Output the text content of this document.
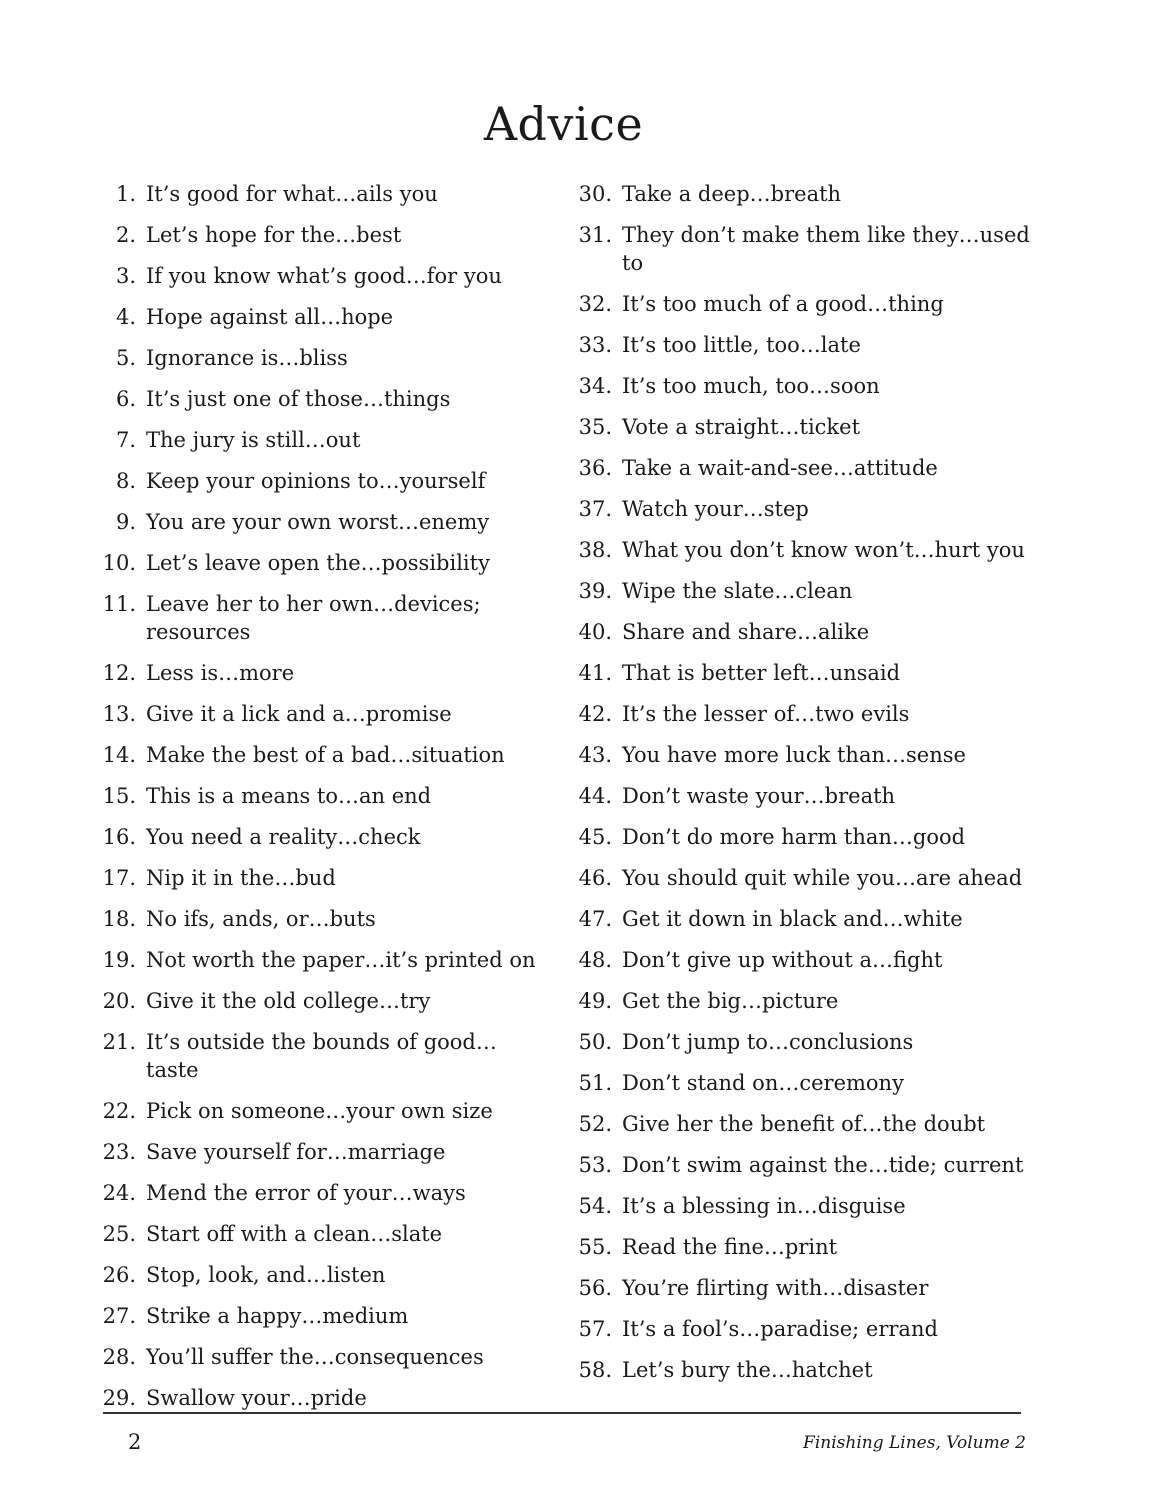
Advice
1. It’s good for what…ails you
2. Let’s hope for the…best
3. If you know what’s good…for you
4. Hope against all…hope
5. Ignorance is…bliss
6. It’s just one of those…things
7. The jury is still…out
8. Keep your opinions to…yourself
9. You are your own worst…enemy
10. Let’s leave open the…possibility
11. Leave her to her own…devices; resources
12. Less is…more
13. Give it a lick and a…promise
14. Make the best of a bad…situation
15. This is a means to…an end
16. You need a reality…check
17. Nip it in the…bud
18. No ifs, ands, or…buts
19. Not worth the paper…it’s printed on
20. Give it the old college…try
21. It’s outside the bounds of good…taste
22. Pick on someone…your own size
23. Save yourself for…marriage
24. Mend the error of your…ways
25. Start off with a clean…slate
26. Stop, look, and…listen
27. Strike a happy…medium
28. You’ll suffer the…consequences
29. Swallow your…pride
30. Take a deep…breath
31. They don’t make them like they…used to
32. It’s too much of a good…thing
33. It’s too little, too…late
34. It’s too much, too…soon
35. Vote a straight…ticket
36. Take a wait-and-see…attitude
37. Watch your…step
38. What you don’t know won’t…hurt you
39. Wipe the slate…clean
40. Share and share…alike
41. That is better left…unsaid
42. It’s the lesser of…two evils
43. You have more luck than…sense
44. Don’t waste your…breath
45. Don’t do more harm than…good
46. You should quit while you…are ahead
47. Get it down in black and…white
48. Don’t give up without a…fight
49. Get the big…picture
50. Don’t jump to…conclusions
51. Don’t stand on…ceremony
52. Give her the benefit of…the doubt
53. Don’t swim against the…tide; current
54. It’s a blessing in…disguise
55. Read the fine…print
56. You’re flirting with…disaster
57. It’s a fool’s…paradise; errand
58. Let’s bury the…hatchet
2	Finishing Lines, Volume 2
